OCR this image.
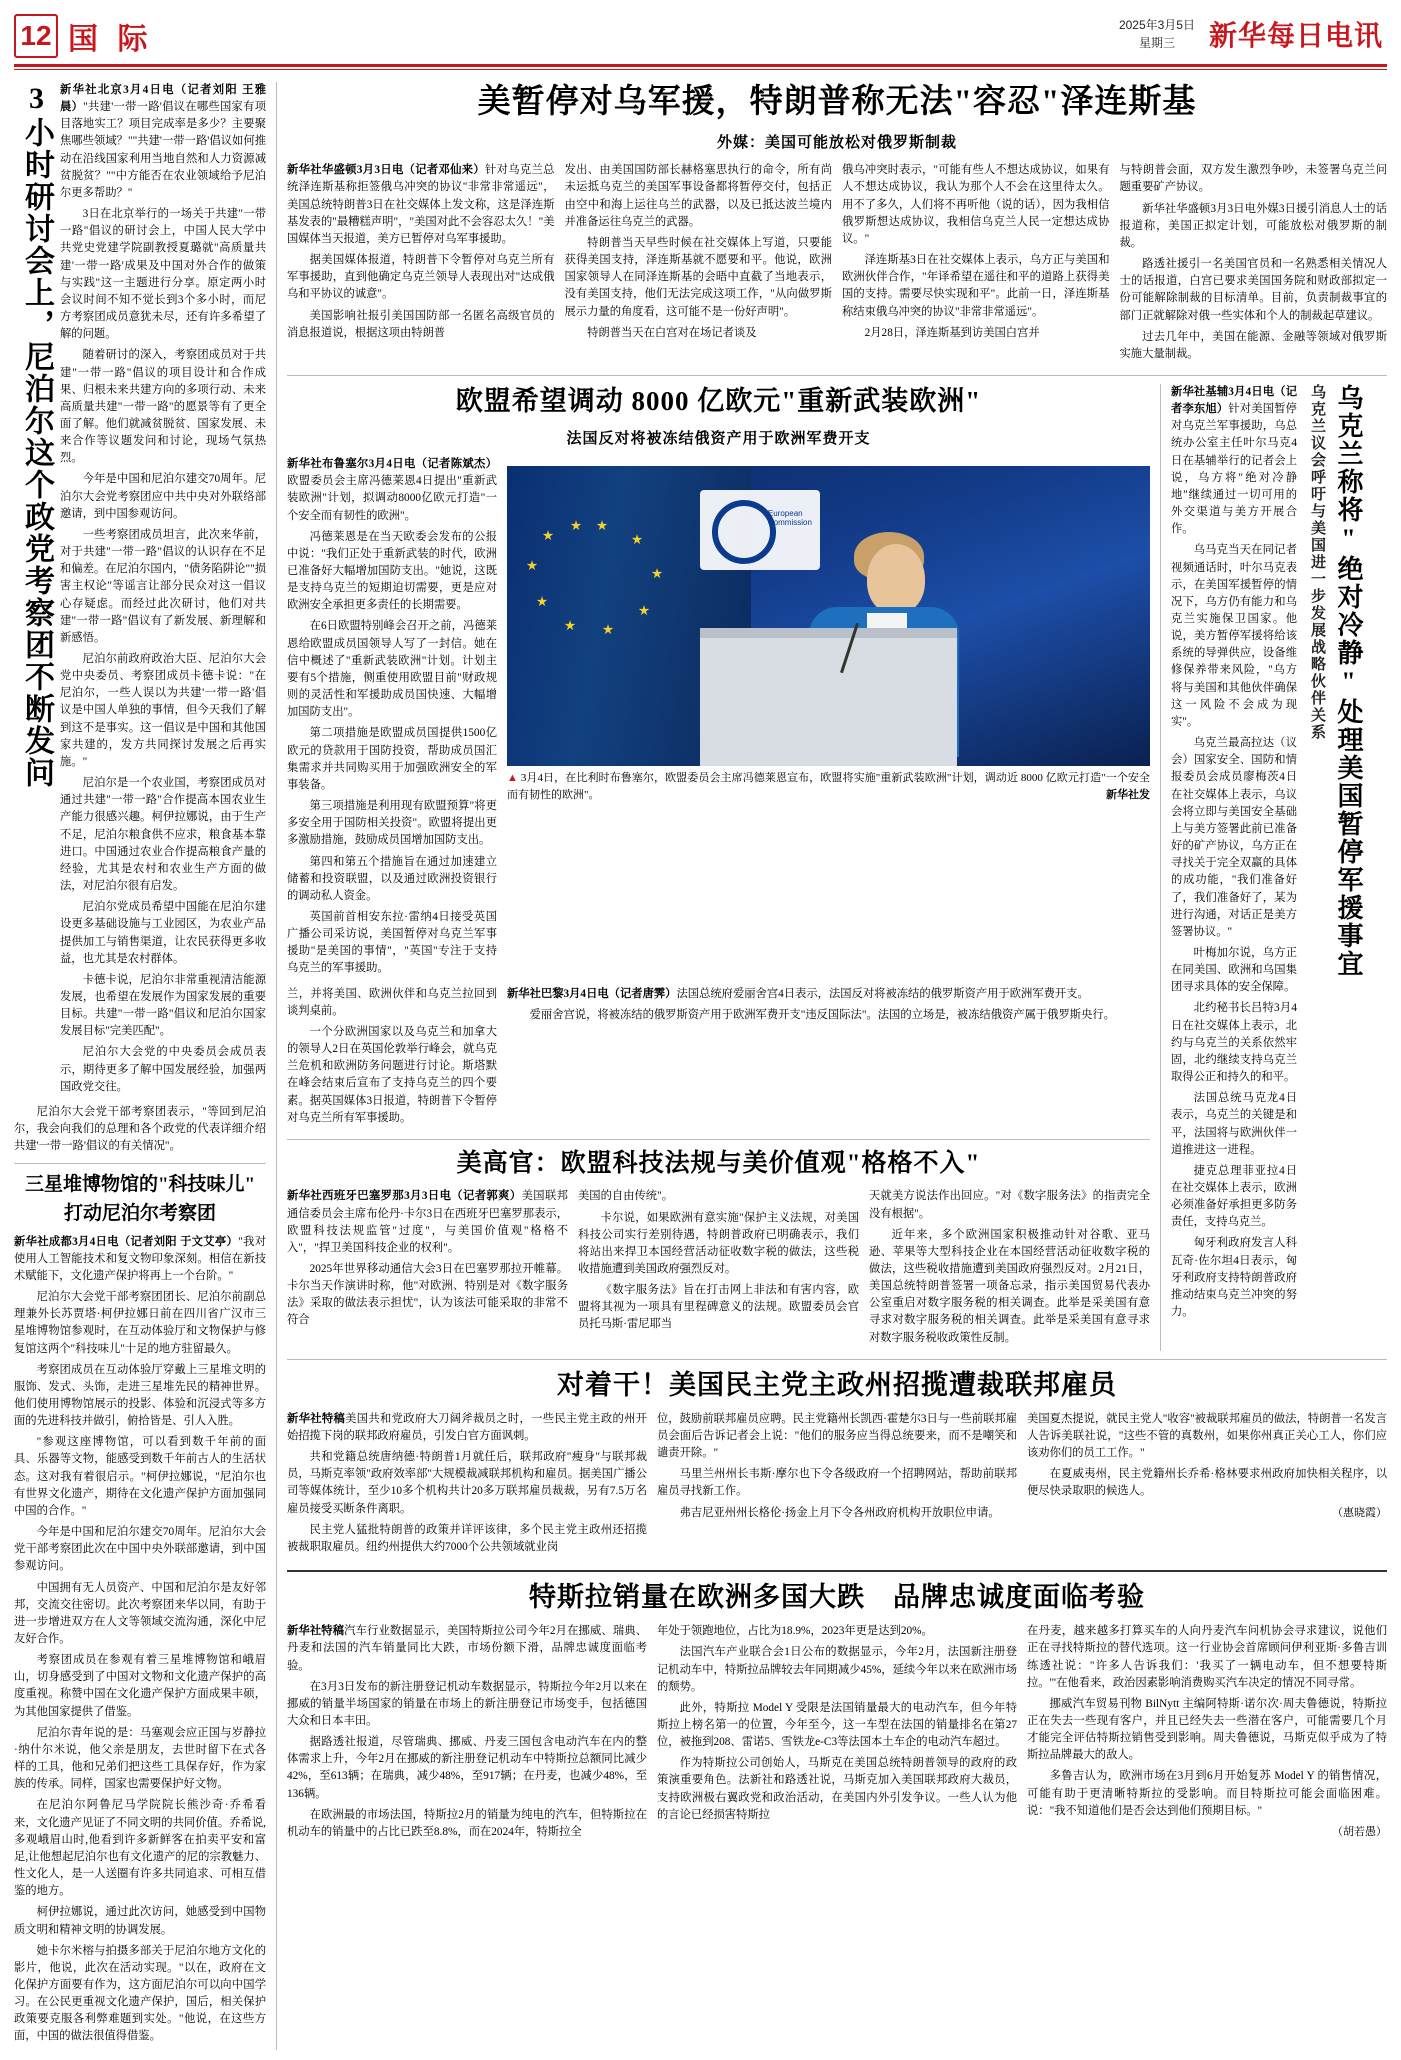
12 国 际	2025年3月5日
星期三	新华每日电讯
3小时研讨会上，尼泊尔这个政党考察团不断发问 新华社北京3月4日电（记者刘阳 王雅晨）"共建'一带一路'倡议在哪些国家有项目落地实工？项目完成率是多少？主要聚焦哪些领域？""共建'一带一路'倡议如何推动在沿线国家利用当地自然和人力资源减贫脱贫？""中方能否在农业领域给予尼泊尔更多帮助？"

3日在北京举行的一场关于共建"一带一路"倡议的研讨会上，中国人民大学中共党史党建学院副教授夏璐就"高质量共建'一带一路'成果及中国对外合作的做策与实践"这一主题进行分享。原定两小时会议时间不知不觉长到3个多小时，而尼方考察团成员意犹未尽，还有许多希望了解的问题。

随着研讨的深入，考察团成员对于共建"一带一路"倡议的项目设计和合作成果、归根未来共建方向的多项行动、未来高质量共建"一带一路"的愿景等有了更全面了解。他们就减贫脱贫、国家发展、未来合作等议题发问和讨论，现场气氛热烈。

今年是中国和尼泊尔建交70周年。尼泊尔大会党考察团应中共中央对外联络部邀请，到中国参观访问。

一些考察团成员坦言，此次来华前，对于共建"一带一路"倡议的认识存在不足和偏差。在尼泊尔国内，"债务陷阱论""损害主权论"等谣言让部分民众对这一倡议心存疑虑。而经过此次研讨，他们对共建"一带一路"倡议有了新发展、新理解和新感悟。

尼泊尔前政府政治大臣、尼泊尔大会党中央委员、考察团成员卡德卡说："在尼泊尔，一些人误以为共建'一带一路'倡议是中国人单独的事情，但今天我们了解到这不是事实。这一倡议是中国和其他国家共建的，发方共同探讨发展之后再实施。"

尼泊尔是一个农业国，考察团成员对通过共建"一带一路"合作提高本国农业生产能力很感兴趣。柯伊拉娜说，由于生产不足，尼泊尔粮食供不应求，粮食基本靠进口。中国通过农业合作提高粮食产量的经验，尤其是农村和农业生产方面的做法，对尼泊尔很有启发。

尼泊尔党成员希望中国能在尼泊尔建设更多基础设施与工业园区，为农业产品提供加工与销售渠道，让农民获得更多收益，也尤其是农村群体。

卡德卡说，尼泊尔非常重视清洁能源发展，也希望在发展作为国家发展的重要目标。共建"一带一路"倡议和尼泊尔国家发展目标"完美匹配"。

尼泊尔大会党的中央委员会成员表示，期待更多了解中国发展经验，加强两国政党交往。

尼泊尔大会党干部考察团表示，"等回到尼泊尔，我会向我们的总理和各个政党的代表详细介绍共建'一带一路'倡议的有关情况"。

三星堆博物馆的"科技味儿"
打动尼泊尔考察团

新华社成都3月4日电（记者刘阳 于文艾亭）"我对使用人工智能技术和复文物印象深刻。相信在新技术赋能下，文化遗产保护将再上一个台阶。"

尼泊尔大会党干部考察团团长、尼泊尔前副总理兼外长苏贾塔·柯伊拉娜日前在四川省广汉市三星堆博物馆参观时，在互动体验厅和文物保护与修复馆这两个"科技味儿"十足的地方驻留最久。

考察团成员在互动体验厅穿戴上三星堆文明的服饰、发式、头饰，走进三星堆先民的精神世界。他们使用博物馆展示的投影、体验和沉浸式等多方面的先进科技并做引，俯拾皆是、引人入胜。

"参观这座博物馆，可以看到数千年前的面具、乐器等文物，能感受到数千年前古人的生活状态。这对我有着很启示。"柯伊拉娜说，"尼泊尔也有世界文化遗产，期待在文化遗产保护方面加强同中国的合作。"

今年是中国和尼泊尔建交70周年。尼泊尔大会党干部考察团此次在中国中央外联部邀请，到中国参观访问。

中国拥有无人员资产、中国和尼泊尔是友好邻邦，交流交往密切。此次考察团来华以同，有助于进一步增进双方在人文等领域交流沟通，深化中尼友好合作。

考察团成员在参观有着三星堆博物馆和峨眉山，切身感受到了中国对文物和文化遗产保护的高度重视。称赞中国在文化遗产保护方面成果丰硕，为其他国家提供了借鉴。

尼泊尔青年说的是：马塞观会应正国与岁静拉·纳什尔米说，他父亲是朋友，去世时留下在式各样的工具，他和兄弟们把这些工具保存好，作为家族的传承。同样，国家也需要保护好文物。

在尼泊尔阿鲁尼马学院院长熊沙奇·乔希看来，文化遗产见证了不同文明的共同价值。乔希说,多观峨眉山时,他看到许多新鲜客在拍卖平安和富足,让他想起尼泊尔也有文化遗产的尼的宗教魅力、性文化人，是一人送圈有许多共同追求、可相互借鉴的地方。

柯伊拉娜说，通过此次访问，她感受到中国物质文明和精神文明的协调发展。

她卡尔米榕与拍摄多部关于尼泊尔地方文化的影片，他说，此次在活动实现。"以在，政府在文化保护方面要有作为，这方面尼泊尔可以向中国学习。在公民更重视文化遗产保护，国后，相关保护政策要克服各利弊难题到实处。"他说，在这些方面，中国的做法很值得借鉴。

美暂停对乌军援，特朗普称无法"容忍"泽连斯基
外媒：美国可能放松对俄罗斯制裁

新华社华盛顿3月3日电（记者邓仙来）针对乌克兰总统泽连斯基称拒签俄乌冲突的协议"非常非常遥远"，美国总统特朗普3日在社交媒体上发文称，这是泽连斯基发表的"最糟糕声明"，"美国对此不会容忍太久！"美国媒体当天报道，美方已暂停对乌军事援助。

据美国媒体报道，特朗普下令暂停对乌克兰所有军事援助，直到他确定乌克兰领导人表现出对"达成俄乌和平协议的诚意"。

美国影响社报引美国国防部一名匿名高级官员的消息报道说，根据这项由特朗普

发出、由美国国防部长赫格塞思执行的命令，所有尚未运抵乌克兰的美国军事设备都将暂停交付，包括正由空中和海上运往乌兰的武器，以及已抵达波兰境内并准备运往乌克兰的武器。

特朗普当天早些时候在社交媒体上写道，只要能获得美国支持，泽连斯基就不愿要和平。他说，欧洲国家领导人在同泽连斯基的会晤中直截了当地表示，没有美国支持，他们无法完成这项工作，"从向做罗斯展示力量的角度看，这可能不是一份好声明"。

特朗普当天在白宫对在场记者谈及

俄乌冲突时表示，"可能有些人不想达成协议，如果有人不想达成协议，我认为那个人不会在这里待太久。用不了多久，人们将不再听他（说的话），因为我相信俄罗斯想达成协议，我相信乌克兰人民一定想达成协议。"

泽连斯基3日在社交媒体上表示，乌方正与美国和欧洲伙伴合作，"年译希望在遥往和平的道路上获得美国的支持。需要尽快实现和平"。此前一日，泽连斯基称结束俄乌冲突的协议"非常非常遥远"。

2月28日，泽连斯基到访美国白宫并

与特朗普会面，双方发生激烈争吵，未签署乌克兰问题重要矿产协议。

新华社华盛顿3月3日电外媒3日援引消息人士的话报道称，美国正拟定计划，可能放松对俄罗斯的制裁。

路透社援引一名美国官员和一名熟悉相关情况人士的话报道，白宫已要求美国国务院和财政部拟定一份可能解除制裁的目标清单。目前，负责制裁事宜的部门正就解除对俄一些实体和个人的制裁起草建议。

过去几年中，美国在能源、金融等领域对俄罗斯实施大量制裁。

欧盟希望调动 8000 亿欧元"重新武装欧洲"
法国反对将被冻结俄资产用于欧洲军费开支

新华社布鲁塞尔3月4日电（记者陈斌杰）欧盟委员会主席冯德莱恩4日提出"重新武装欧洲"计划，拟调动8000亿欧元打造"一个安全而有韧性的欧洲"。

冯德莱恩是在当天欧委会发布的公报中说："我们正处于重新武装的时代，欧洲已准备好大幅增加国防支出。"她说，这既是支持乌克兰的短期迫切需要，更是应对欧洲安全承担更多责任的长期需要。

在6日欧盟特别峰会召开之前，冯德莱恩给欧盟成员国领导人写了一封信。她在信中概述了"重新武装欧洲"计划。计划主要有5个措施，侧重使用欧盟目前"财政规则的灵活性和军援助成员国快速、大幅增加国防支出"。

第二项措施是欧盟成员国提供1500亿欧元的贷款用于国防投资，帮助成员国汇集需求并共同购买用于加强欧洲安全的军事装备。

第三项措施是利用现有欧盟预算"将更多安全用于国防相关投资"。欧盟将提出更多激励措施，鼓励成员国增加国防支出。

第四和第五个措施旨在通过加速建立储蓄和投资联盟，以及通过欧洲投资银行的调动私人资金。

英国前首相安东拉·雷纳4日接受英国广播公司采访说，美国暂停对乌克兰军事援助"是美国的事情"，"英国"专注于支持乌克兰的军事援助。

European
Commission
▲ 3月4日，在比利时布鲁塞尔，欧盟委员会主席冯德莱恩宣布，欧盟将实施"重新武装欧洲"计划，调动近 8000 亿欧元打造"一个安全而有韧性的欧洲"。	新华社发

兰，并将美国、欧洲伙伴和乌克兰拉回到谈判桌前。

一个分欧洲国家以及乌克兰和加拿大的领导人2日在英国伦敦举行峰会，就乌克兰危机和欧洲防务问题进行讨论。斯塔默在峰会结束后宣布了支持乌克兰的四个要素。据英国媒体3日报道，特朗普下令暂停对乌克兰所有军事援助。

新华社巴黎3月4日电（记者唐霁）法国总统府爱丽舍宫4日表示，法国反对将被冻结的俄罗斯资产用于欧洲军费开支。

爱丽舍宫说，将被冻结的俄罗斯资产用于欧洲军费开支"违反国际法"。法国的立场是，被冻结俄资产属于俄罗斯央行。

美高官：欧盟科技法规与美价值观"格格不入"

新华社西班牙巴塞罗那3月3日电（记者郭爽）美国联邦通信委员会主席布伦丹·卡尔3日在西班牙巴塞罗那表示，欧盟科技法规监管"过度"，与美国价值观"格格不入"，"捍卫美国科技企业的权利"。

2025年世界移动通信大会3日在巴塞罗那拉开帷幕。卡尔当天作演讲时称，他"对欧洲、特别是对《数字服务法》采取的做法表示担忧"，认为该法可能采取的非常不符合

美国的自由传统"。

卡尔说，如果欧洲有意实施"保护主义法规，对美国科技公司实行差别待遇，特朗普政府已明确表示，我们将站出来捍卫本国经营活动征收数字税的做法，这些税收措施遭到美国政府强烈反对。

《数字服务法》旨在打击网上非法和有害内容，欧盟将其视为一项具有里程碑意义的法规。欧盟委员会官员托马斯·雷尼耶当

天就美方说法作出回应。"对《数字服务法》的指责完全没有根据"。

近年来，多个欧洲国家积极推动针对谷歌、亚马逊、苹果等大型科技企业在本国经营活动征收数字税的做法，这些税收措施遭到美国政府强烈反对。2月21日，美国总统特朗普签署一项备忘录，指示美国贸易代表办公室重启对数字服务税的相关调查。此举是采美国有意寻求对数字服务税的相关调查。此举是采美国有意寻求对数字服务税收政策性反制。

新华社基辅3月4日电（记者李东旭）针对美国暂停对乌克兰军事援助，乌总统办公室主任叶尔马克4日在基辅举行的记者会上说，乌方将"绝对冷静地"继续通过一切可用的外交渠道与美方开展合作。

乌马克当天在同记者视频通话时，叶尔马克表示，在美国军援暂停的情况下，乌方仍有能力和乌克兰实施保卫国家。他说，美方暂停军援将给该系统的导弹供应，设备维修保养带来风险，"乌方将与美国和其他伙伴确保这一风险不会成为现实"。

乌克兰最高拉达（议会）国家安全、国防和情报委员会成员廖梅茨4日在社交媒体上表示，乌议会将立即与美国安全基础上与美方签署此前已准备好的矿产协议，乌方正在寻找关于完全双赢的具体的成功能，"我们准备好了，我们准备好了，某为进行沟通，对话正是美方签署协议。"

叶梅加尔说，乌方正在同美国、欧洲和乌国集团寻求具体的安全保障。

北约秘书长吕特3月4日在社交媒体上表示，北约与乌克兰的关系依然牢固，北约继续支持乌克兰取得公正和持久的和平。

法国总统马克龙4日表示，乌克兰的关键是和平，法国将与欧洲伙伴一道推进这一进程。

捷克总理菲亚拉4日在社交媒体上表示，欧洲必须准备好承担更多防务责任，支持乌克兰。

匈牙利政府发言人科瓦奇·佐尔坦4日表示，匈牙利政府支持特朗普政府推动结束乌克兰冲突的努力。

乌克兰议会呼吁与美国进一步发展战略伙伴关系 乌克兰称将"绝对冷静"处理美国暂停军援事宜
对着干！美国民主党主政州招揽遭裁联邦雇员

新华社特稿美国共和党政府大刀阔斧裁员之时，一些民主党主政的州开始招揽下岗的联邦政府雇员，引发白官方面讽刺。

共和党籍总统唐纳德·特朗普1月就任后，联邦政府"瘦身"与联邦裁员，马斯克率领"政府效率部"大规模裁减联邦机构和雇员。据美国广播公司等媒体统计，至少10多个机构共计20多万联邦雇员裁裁，另有7.5万名雇员接受买断条件离职。

民主党人猛批特朗普的政策并详评该律，多个民主党主政州还招揽被裁职取雇员。纽约州提供大约7000个公共领域就业岗

位，鼓励前联邦雇员应聘。民主党籍州长凯西·霍楚尔3日与一些前联邦雇员会面后告诉记者会上说："他们的服务应当得总统要来，而不是嘲笑和谴责开除。"

马里兰州州长韦斯·摩尔也下令各级政府一个招聘网站，帮助前联邦雇员寻找新工作。

弗吉尼亚州州长格伦·扬金上月下令各州政府机构开放职位申请。

美国夏杰提说，就民主党人"收容"被裁联邦雇员的做法，特朗普一名发言人告诉美联社说，"这些不管的真数州，如果你州真正关心工人，你们应该劝你们的员工工作。"

在夏威夷州，民主党籍州长乔希·格林要求州政府加快相关程序，以便尽快录取职的候选人。

（惠晓霞）

特斯拉销量在欧洲多国大跌　品牌忠诚度面临考验

新华社特稿汽车行业数据显示，美国特斯拉公司今年2月在挪威、瑞典、丹麦和法国的汽车销量同比大跌，市场份额下滑，品牌忠诚度面临考验。

在3月3日发布的新注册登记机动车数据显示，特斯拉今年2月以来在挪威的销量半场国家的销量在市场上的新注册登记市场变手，包括德国大众和日本丰田。

据路透社报道，尽管瑞典、挪威、丹麦三国包含电动汽车在内的整体需求上升，今年2月在挪威的新注册登记机动车中特斯拉总额同比减少42%，至613辆；在瑞典，减少48%，至917辆；在丹麦，也减少48%，至136辆。

在欧洲最的市场法国，特斯拉2月的销量为纯电的汽车，但特斯拉在机动车的销量中的占比已跌至8.8%，而在2024年，特斯拉全

年处于领跑地位，占比为18.9%，2023年更是达到20%。

法国汽车产业联合会1日公布的数据显示，今年2月，法国新注册登记机动车中，特斯拉品牌较去年同期减少45%，延续今年以来在欧洲市场的颓势。

此外，特斯拉 Model Y 受限是法国销量最大的电动汽车，但今年特斯拉上榜名第一的位置，今年至今，这一车型在法国的销量排名在第27位，被拖到208、雷诺5、雪铁龙e-C3等法国本土车企的电动汽车超过。

作为特斯拉公司创始人，马斯克在美国总统特朗普领导的政府的政策演重要角色。法新社和路透社说，马斯克加入美国联邦政府大裁员，支持欧洲极右翼政党和政治活动，在美国内外引发争议。一些人认为他的言论已经损害特斯拉

在丹麦，越来越多打算买车的人向丹麦汽车问机协会寻求建议，说他们正在寻找特斯拉的替代选项。这一行业协会首席顾问伊利亚斯·多鲁吉训练透社说："许多人告诉我们：'我买了一辆电动车，但不想要特斯拉。'"在他看来，政治因素影响消费购买汽车决定的情况不同寻常。

挪威汽车贸易刊物 BilNytt 主编阿特斯·诺尔次·周夫鲁德说，特斯拉正在失去一些现有客户，并且已经失去一些潜在客户，可能需要几个月才能完全评估特斯拉销售受到影响。周夫鲁德说，马斯克似乎成为了特斯拉品牌最大的敌人。

多鲁吉认为，欧洲市场在3月到6月开始复苏 Model Y 的销售情况，可能有助于更清晰特斯拉的受影响。而目特斯拉可能会面临困难。说："我不知道他们是否会达到他们预期目标。"

（胡若愚）
